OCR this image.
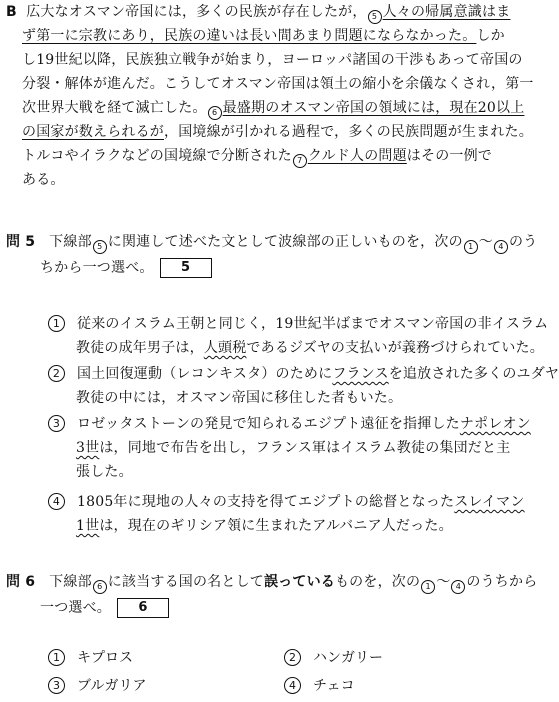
B 広大なオスマン帝国には，多くの民族が存在したが， 5 人々の帰属意識はま
ず第一に宗教にあり，民族の違いは長い間あまり問題にならなかった。しか
し19世紀以降，民族独立戦争が始まり，ヨーロッパ諸国の干渉もあって帝国の
分裂・解体が進んだ。こうしてオスマン帝国は領土の縮小を余儀なくされ，第一
次世界大戦を経て滅亡した。 6 最盛期のオスマン帝国の領域には，現在20以上
の国家が数えられるが，国境線が引かれる過程で，多くの民族問題が生まれた。
トルコやイラクなどの国境線で分断された 7 クルド人の問題はその一例で
ある。
問 5 下線部 5 に関連して述べた文として波線部の正しいものを，次の 1 ～ 4 のう
ちから一つ選べ。 5
1 従来のイスラム王朝と同じく，19世紀半ばまでオスマン帝国の非イスラム
教徒の成年男子は，人頭税であるジズヤの支払いが義務づけられていた。
2 国土回復運動（レコンキスタ）のためにフランスを追放された多くのユダヤ
教徒の中には，オスマン帝国に移住した者もいた。
3 ロゼッタストーンの発見で知られるエジプト遠征を指揮したナポレオン
3世は，同地で布告を出し，フランス軍はイスラム教徒の集団だと主
張した。
4 1805年に現地の人々の支持を得てエジプトの総督となったスレイマン
1世は，現在のギリシア領に生まれたアルバニア人だった。
問 6 下線部 6 に該当する国の名として誤っているものを，次の 1 ～ 4 のうちから
一つ選べ。 6
1 キプロス	2 ハンガリー
3 ブルガリア	4 チェコ
